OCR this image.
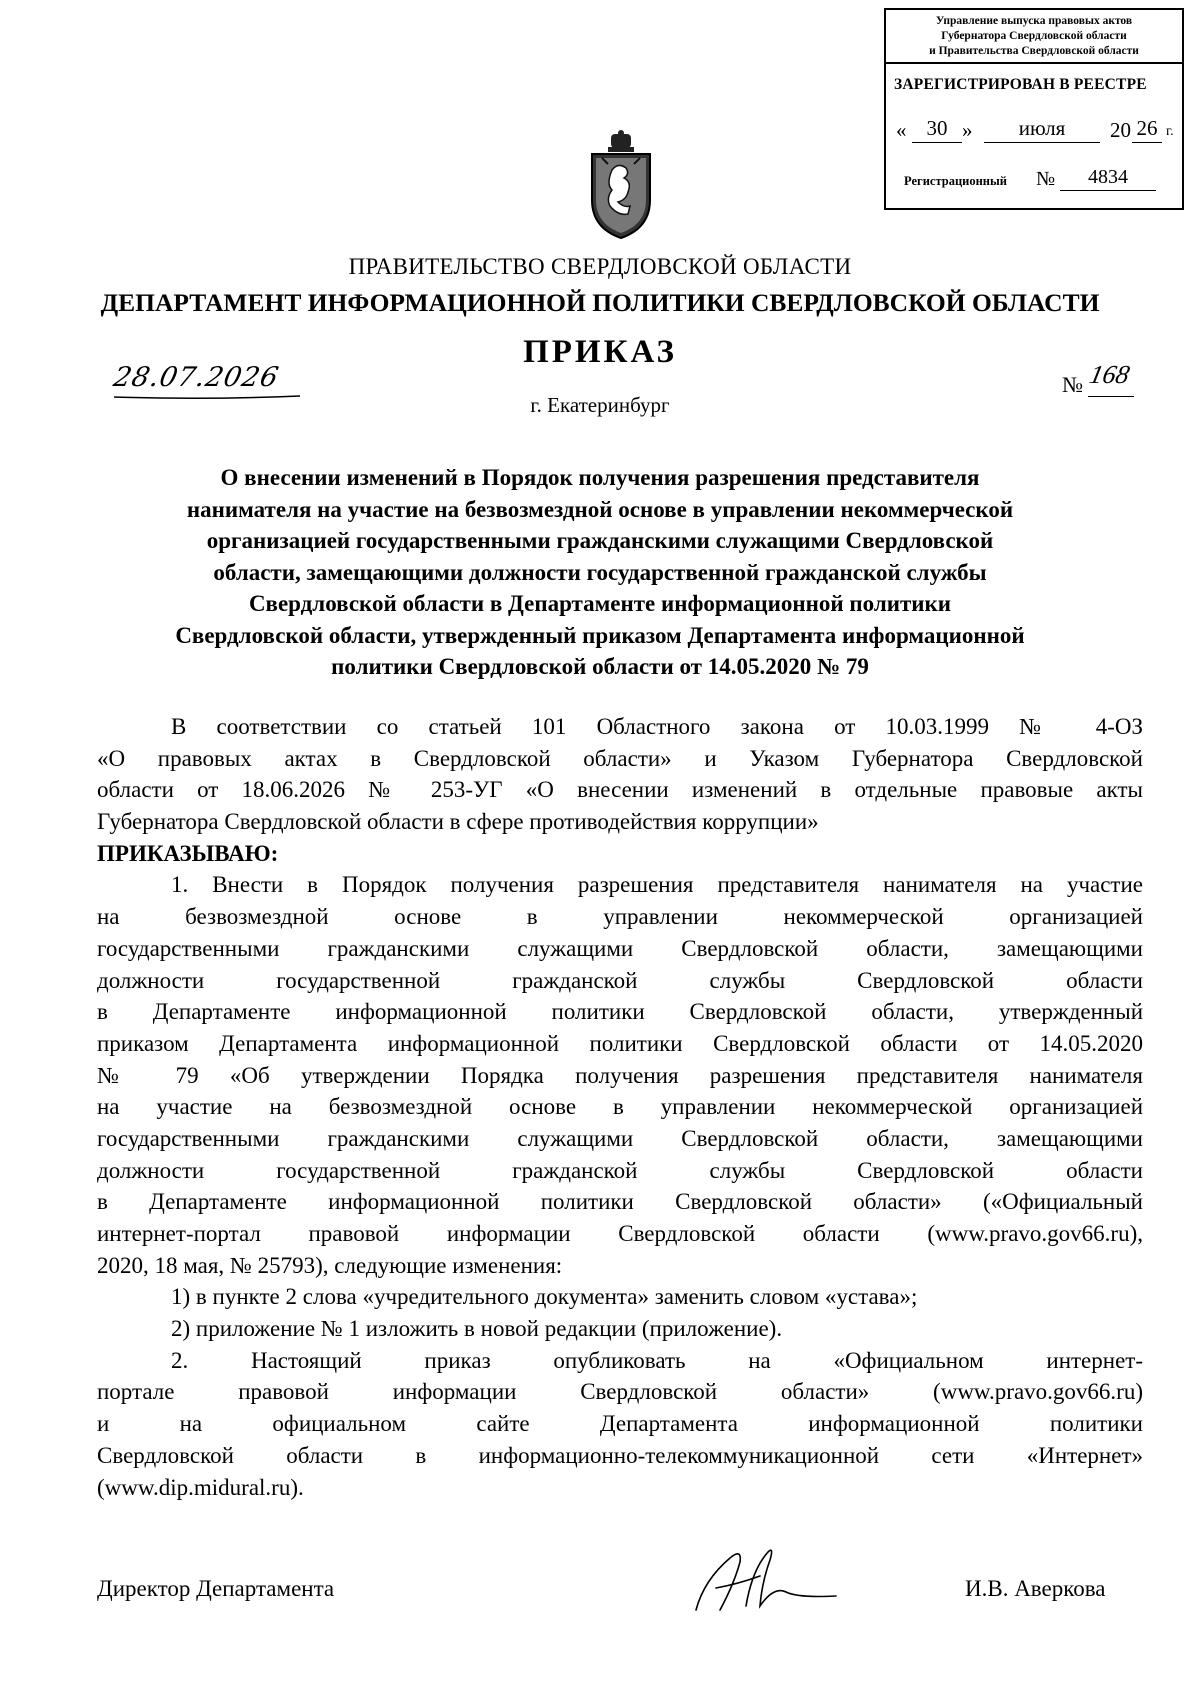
Управление выпуска правовых актов
Губернатора Свердловской области
и Правительства Свердловской области
ЗАРЕГИСТРИРОВАН В РЕЕСТРЕ
« 30 »	июля	20 26 г.
Регистрационный №	4834
ПРАВИТЕЛЬСТВО СВЕРДЛОВСКОЙ ОБЛАСТИ
ДЕПАРТАМЕНТ ИНФОРМАЦИОННОЙ ПОЛИТИКИ СВЕРДЛОВСКОЙ ОБЛАСТИ
ПРИКАЗ
28.07.2026	№ 168
г. Екатеринбург
О внесении изменений в Порядок получения разрешения представителя
нанимателя на участие на безвозмездной основе в управлении некоммерческой
организацией государственными гражданскими служащими Свердловской
области, замещающими должности государственной гражданской службы
Свердловской области в Департаменте информационной политики
Свердловской области, утвержденный приказом Департамента информационной
политики Свердловской области от 14.05.2020 № 79
В соответствии со статьей 101 Областного закона от 10.03.1999 № 4-ОЗ
«О правовых актах в Свердловской области» и Указом Губернатора Свердловской
области от 18.06.2026 № 253-УГ «О внесении изменений в отдельные правовые акты
Губернатора Свердловской области в сфере противодействия коррупции»
ПРИКАЗЫВАЮ:
1. Внести в Порядок получения разрешения представителя нанимателя на участие
на безвозмездной основе в управлении некоммерческой организацией
государственными гражданскими служащими Свердловской области, замещающими
должности государственной гражданской службы Свердловской области
в Департаменте информационной политики Свердловской области, утвержденный
приказом Департамента информационной политики Свердловской области от 14.05.2020
№ 79 «Об утверждении Порядка получения разрешения представителя нанимателя
на участие на безвозмездной основе в управлении некоммерческой организацией
государственными гражданскими служащими Свердловской области, замещающими
должности государственной гражданской службы Свердловской области
в Департаменте информационной политики Свердловской области» («Официальный
интернет-портал правовой информации Свердловской области (www.pravo.gov66.ru),
2020, 18 мая, № 25793), следующие изменения:
1) в пункте 2 слова «учредительного документа» заменить словом «устава»;
2) приложение № 1 изложить в новой редакции (приложение).
2. Настоящий приказ опубликовать на «Официальном интернет-
портале правовой информации Свердловской области» (www.pravo.gov66.ru)
и на официальном сайте Департамента информационной политики
Свердловской области в информационно-телекоммуникационной сети «Интернет»
(www.dip.midural.ru).
Директор Департамента	И.В. Аверкова
